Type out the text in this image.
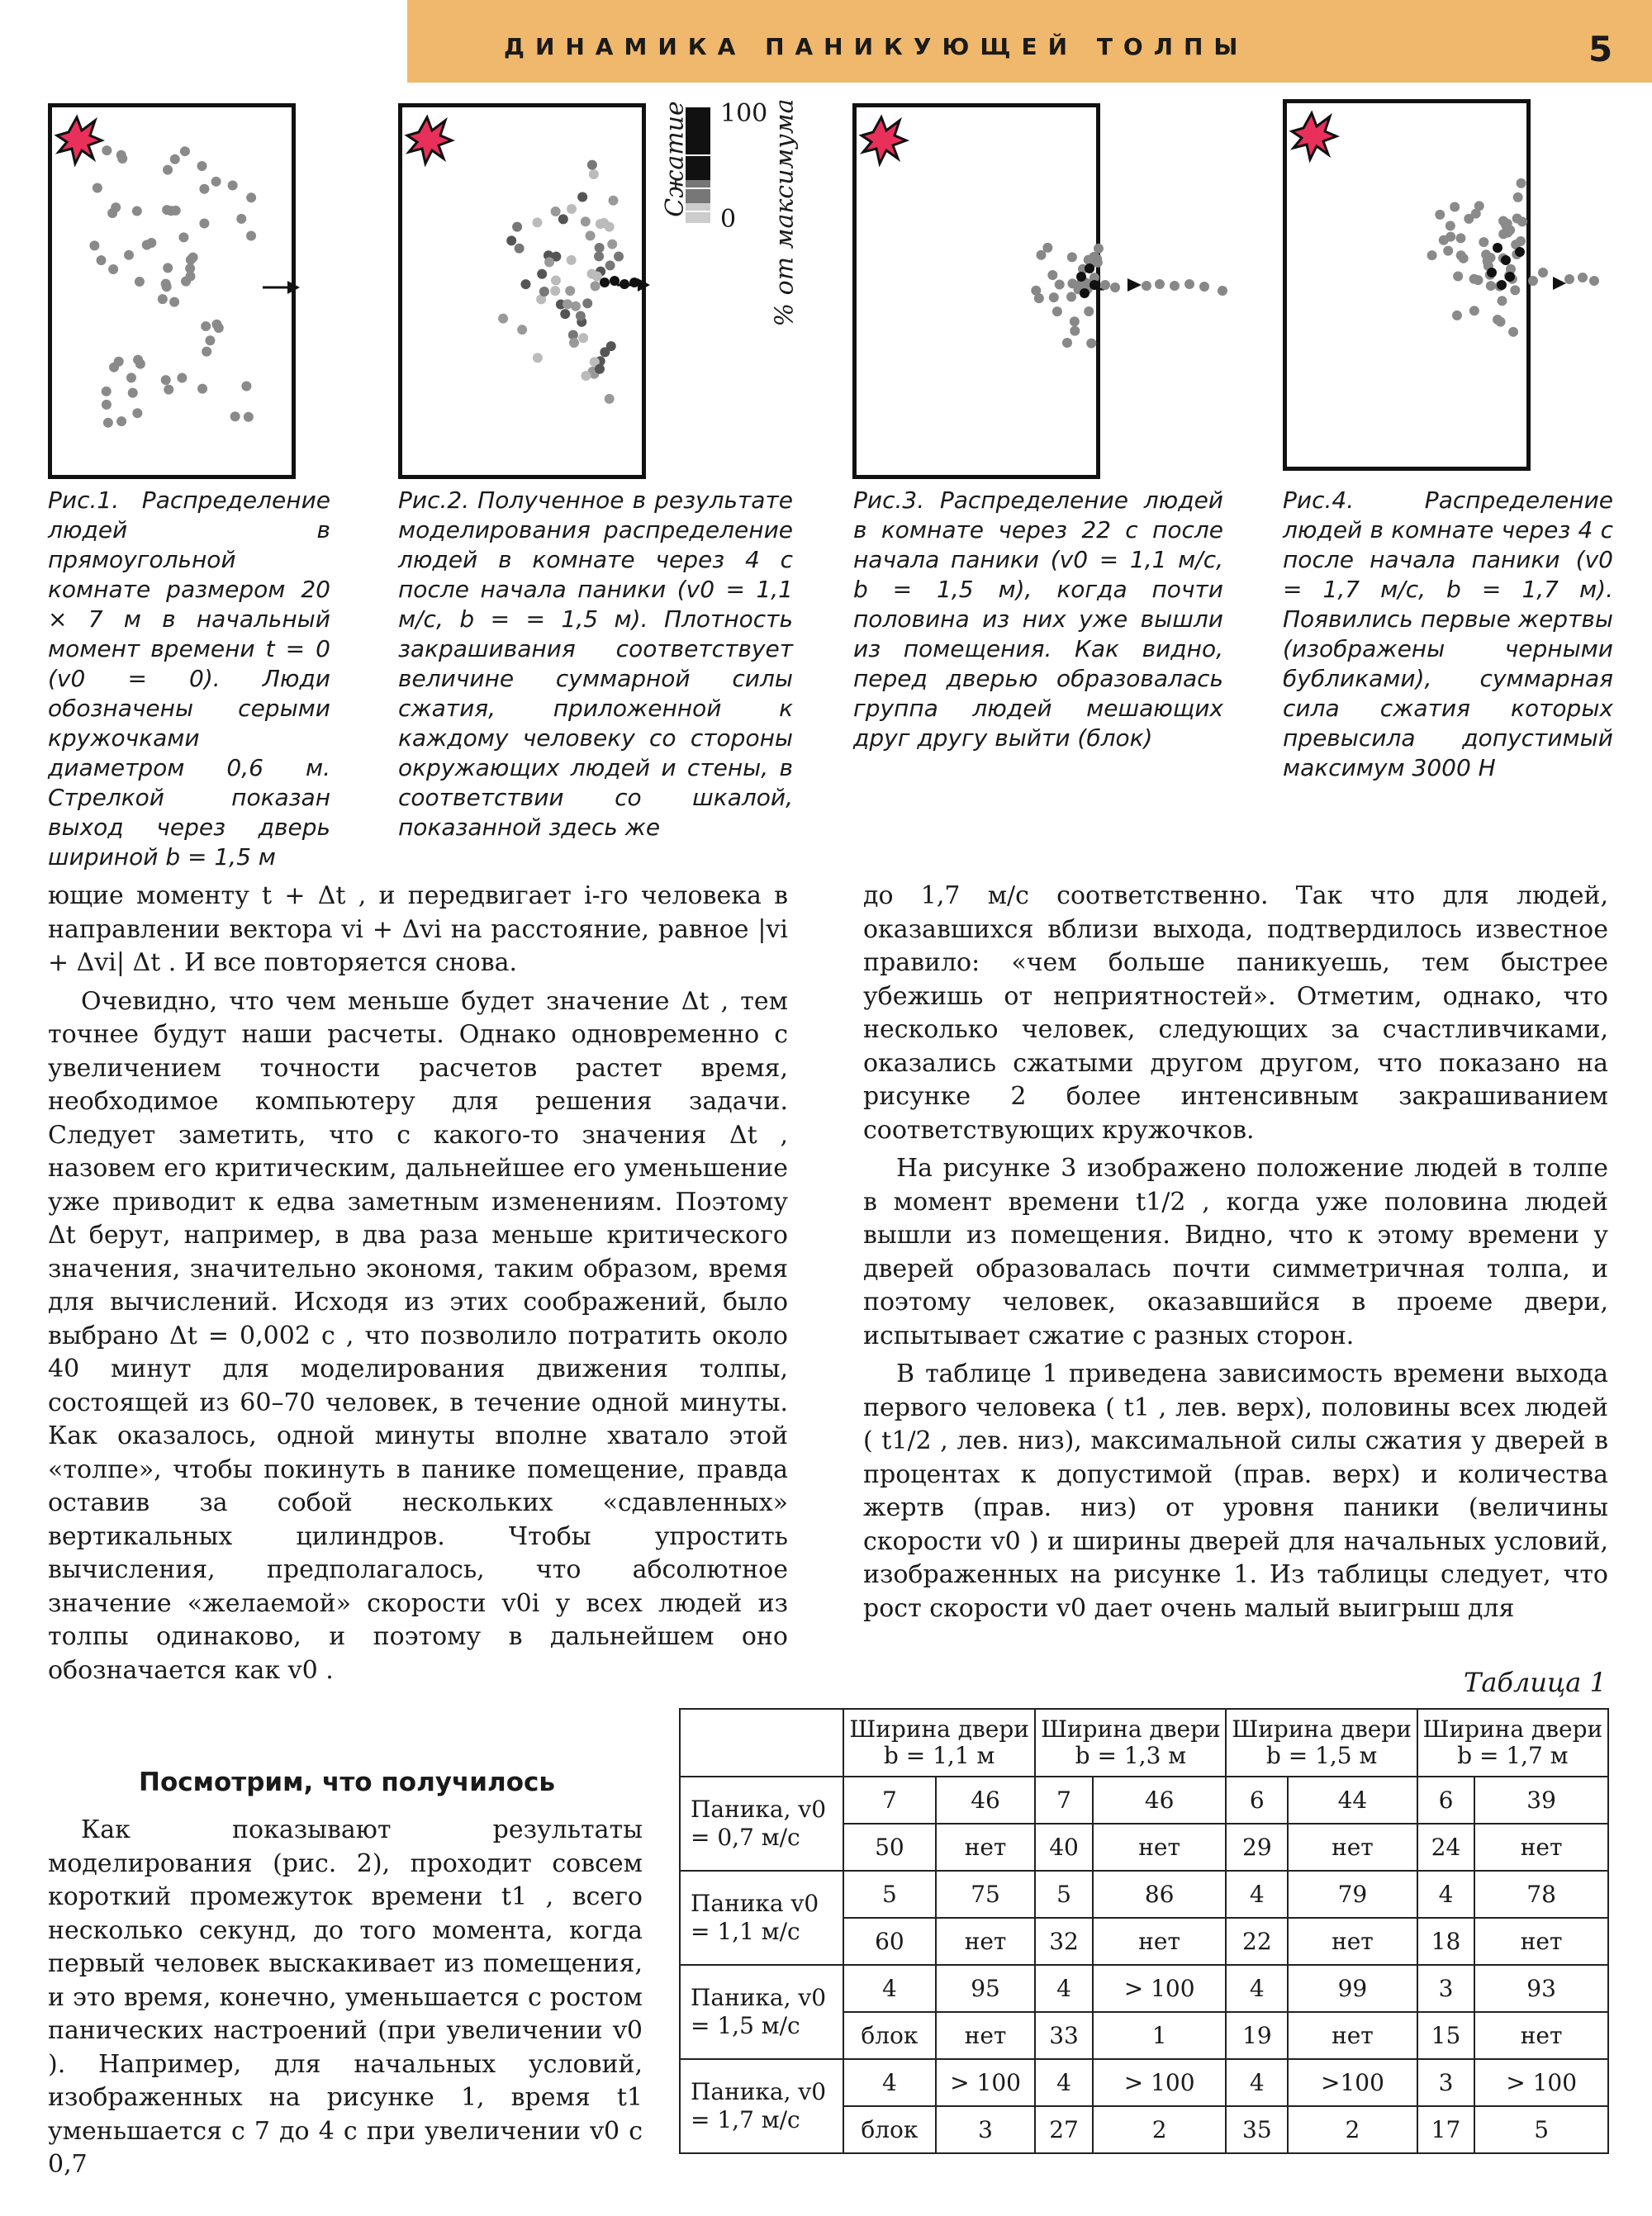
ДИНАМИКА ПАНИКУЮЩЕЙ ТОЛПЫ	5
Рис.1. Распределение людей в прямоугольной комнате размером 20 × 7 м в начальный момент времени t = 0 (v0 = 0). Люди обозначены серыми кружочками диаметром 0,6 м. Стрелкой показан выход через дверь шириной b = 1,5 м
Сжатие 100
0 % от максимума
Рис.3. Распределение людей в комнате через 22 с после начала паники (v0 = 1,1 м/с, b = 1,5 м), когда почти половина из них уже вышли из помещения. Как видно, перед дверью образовалась группа людей мешающих друг другу выйти (блок)
Рис.2. Полученное в результате моделирования распределение людей в комнате через 4 с после начала паники (v0 = 1,1 м/с, b = = 1,5 м). Плотность закрашивания соответствует величине суммарной силы сжатия, приложенной к каждому человеку со стороны окружающих людей и стены, в соответствии со шкалой, показанной здесь же
Рис.4. Распределение людей в комнате через 4 с после начала паники (v0 = 1,7 м/с, b = 1,7 м). Появились первые жертвы (изображены черными бубликами), суммарная сила сжатия которых превысила допустимый максимум 3000 Н

ющие моменту t + Δt , и передвигает i-го человека в направлении вектора vi + Δvi на расстояние, равное |vi + Δvi| Δt . И все повторяется снова.

Очевидно, что чем меньше будет значение Δt , тем точнее будут наши расчеты. Однако одновременно с увеличением точности расчетов растет время, необходимое компьютеру для решения задачи. Следует заметить, что с какого-то значения Δt , назовем его критическим, дальнейшее его уменьшение уже приводит к едва заметным изменениям. Поэтому Δt берут, например, в два раза меньше критического значения, значительно экономя, таким образом, время для вычислений. Исходя из этих соображений, было выбрано Δt = 0,002 с , что позволило потратить около 40 минут для моделирования движения толпы, состоящей из 60–70 человек, в течение одной минуты. Как оказалось, одной минуты вполне хватало этой «толпе», чтобы покинуть в панике помещение, правда оставив за собой нескольких «сдавленных» вертикальных цилиндров. Чтобы упростить вычисления, предполагалось, что абсолютное значение «желаемой» скорости v0i у всех людей из толпы одинаково, и поэтому в дальнейшем оно обозначается как v0 .

Посмотрим, что получилось

Как показывают результаты моделирования (рис. 2), проходит совсем короткий промежуток времени t1 , всего несколько секунд, до того момента, когда первый человек выскакивает из помещения, и это время, конечно, уменьшается с ростом панических настроений (при увеличении v0 ). Например, для начальных условий, изображенных на рисунке 1, время t1 уменьшается с 7 до 4 с при увеличении v0 с 0,7

до 1,7 м/с соответственно. Так что для людей, оказавшихся вблизи выхода, подтвердилось известное правило: «чем больше паникуешь, тем быстрее убежишь от неприятностей». Отметим, однако, что несколько человек, следующих за счастливчиками, оказались сжатыми другом другом, что показано на рисунке 2 более интенсивным закрашиванием соответствующих кружочков.

На рисунке 3 изображено положение людей в толпе в момент времени t1/2 , когда уже половина людей вышли из помещения. Видно, что к этому времени у дверей образовалась почти симметричная толпа, и поэтому человек, оказавшийся в проеме двери, испытывает сжатие с разных сторон.

В таблице 1 приведена зависимость времени выхода первого человека ( t1 , лев. верх), половины всех людей ( t1/2 , лев. низ), максимальной силы сжатия у дверей в процентах к допустимой (прав. верх) и количества жертв (прав. низ) от уровня паники (величины скорости v0 ) и ширины дверей для начальных условий, изображенных на рисунке 1. Из таблицы следует, что рост скорости v0 дает очень малый выигрыш для

Таблица 1
	Ширина двери b = 1,1 м		Ширина двери b = 1,3 м		Ширина двери b = 1,5 м		Ширина двери b = 1,7 м	
Паника, v0 = 0,7 м/с	7	46	7	46	6	44	6	39
	50	нет	40	нет	29	нет	24	нет
Паника v0 = 1,1 м/с	5	75	5	86	4	79	4	78
	60	нет	32	нет	22	нет	18	нет
Паника, v0 = 1,5 м/с	4	95	4	> 100	4	99	3	93
	блок	нет	33	1	19	нет	15	нет
Паника, v0 = 1,7 м/с	4	> 100	4	> 100	4	>100	3	> 100
	блок	3	27	2	35	2	17	5
